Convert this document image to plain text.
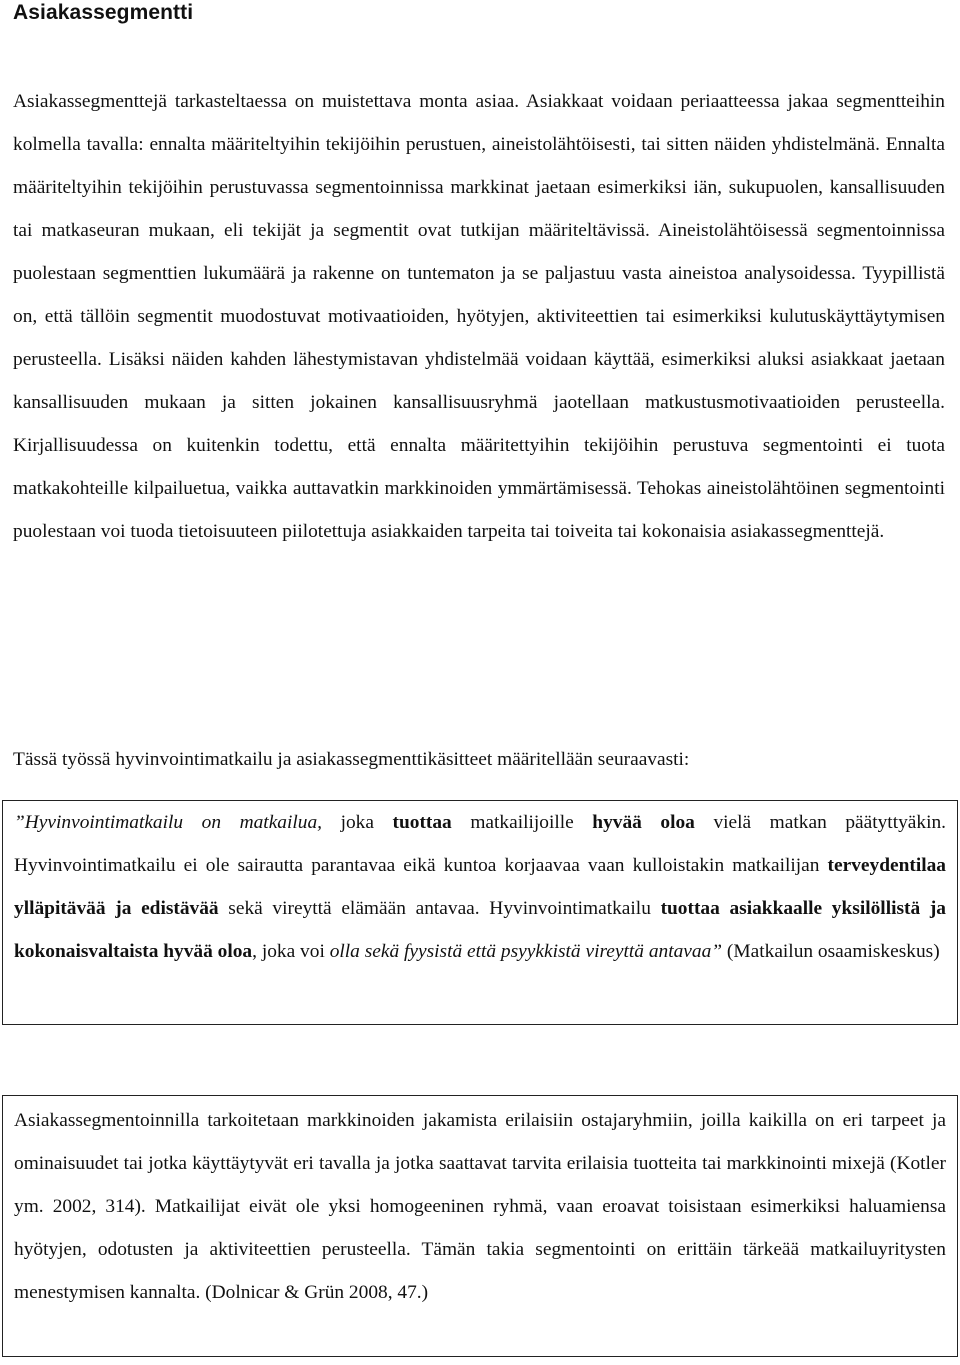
Asiakassegmentti

Asiakassegmenttejä tarkasteltaessa on muistettava monta asiaa. Asiakkaat voidaan periaatteessa jakaa segmentteihin kolmella tavalla: ennalta määriteltyihin tekijöihin perustuen, aineistolähtöisesti, tai sitten näiden yhdistelmänä. Ennalta määriteltyihin tekijöihin perustuvassa segmentoinnissa markkinat jaetaan esimerkiksi iän, sukupuolen, kansallisuuden tai matkaseuran mukaan, eli tekijät ja segmentit ovat tutkijan määriteltävissä. Aineistolähtöisessä segmentoinnissa puolestaan segmenttien lukumäärä ja rakenne on tuntematon ja se paljastuu vasta aineistoa analysoidessa. Tyypillistä on, että tällöin segmentit muodostuvat motivaatioiden, hyötyjen, aktiviteettien tai esimerkiksi kulutuskäyttäytymisen perusteella. Lisäksi näiden kahden lähestymistavan yhdistelmää voidaan käyttää, esimerkiksi aluksi asiakkaat jaetaan kansallisuuden mukaan ja sitten jokainen kansallisuusryhmä jaotellaan matkustusmotivaatioiden perusteella. Kirjallisuudessa on kuitenkin todettu, että ennalta määritettyihin tekijöihin perustuva segmentointi ei tuota matkakohteille kilpailuetua, vaikka auttavatkin markkinoiden ymmärtämisessä. Tehokas aineistolähtöinen segmentointi puolestaan voi tuoda tietoisuuteen piilotettuja asiakkaiden tarpeita tai toiveita tai kokonaisia asiakassegmenttejä.

Tässä työssä hyvinvointimatkailu ja asiakassegmenttikäsitteet määritellään seuraavasti:

”Hyvinvointimatkailu on matkailua, joka tuottaa matkailijoille hyvää oloa vielä matkan päätyttyäkin. Hyvinvointimatkailu ei ole sairautta parantavaa eikä kuntoa korjaavaa vaan kulloistakin matkailijan terveydentilaa ylläpitävää ja edistävää sekä vireyttä elämään antavaa. Hyvinvointimatkailu tuottaa asiakkaalle yksilöllistä ja kokonaisvaltaista hyvää oloa, joka voi olla sekä fyysistä että psyykkistä vireyttä antavaa” (Matkailun osaamiskeskus)

Asiakassegmentoinnilla tarkoitetaan markkinoiden jakamista erilaisiin ostajaryhmiin, joilla kaikilla on eri tarpeet ja ominaisuudet tai jotka käyttäytyvät eri tavalla ja jotka saattavat tarvita erilaisia tuotteita tai markkinointi mixejä (Kotler ym. 2002, 314). Matkailijat eivät ole yksi homogeeninen ryhmä, vaan eroavat toisistaan esimerkiksi haluamiensa hyötyjen, odotusten ja aktiviteettien perusteella. Tämän takia segmentointi on erittäin tärkeää matkailuyritysten menestymisen kannalta. (Dolnicar & Grün 2008, 47.)
